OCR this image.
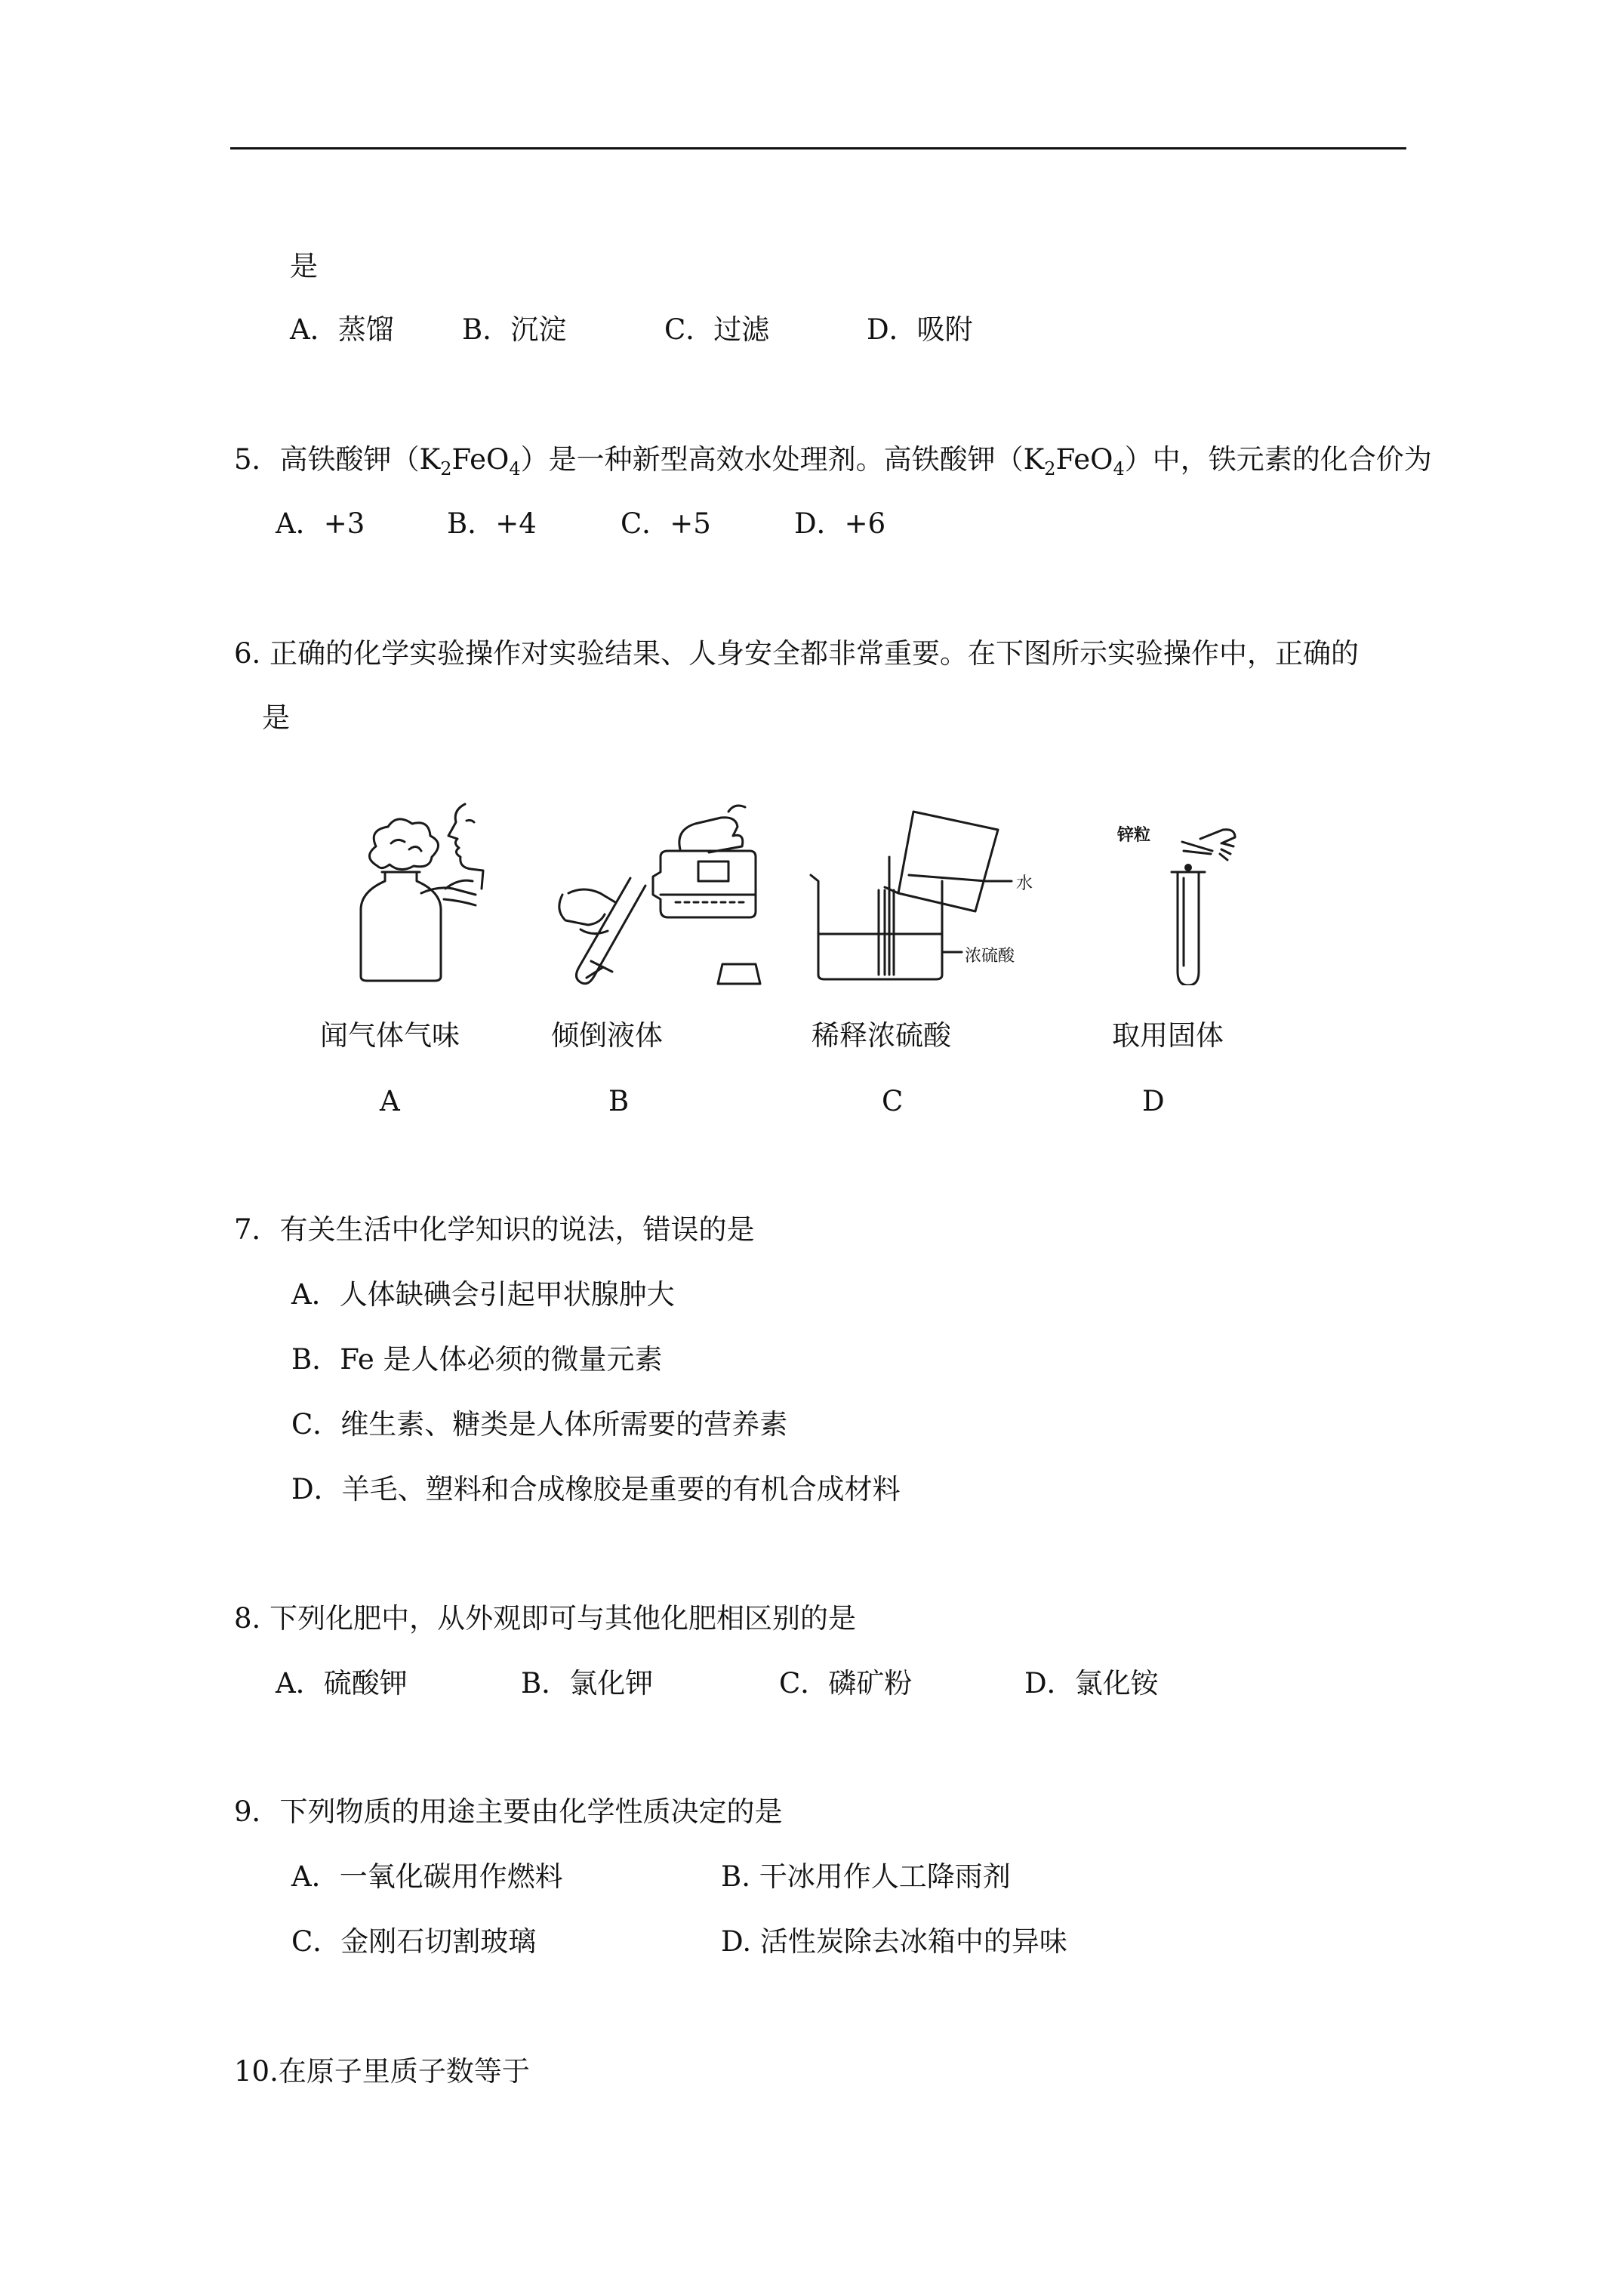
是
A．蒸馏 B．沉淀	C．过滤	D．吸附
5．高铁酸钾$(K_2FeO_4)$是一种新型高效水处理剂。高铁酸钾$(K_2FeO_4)$中，铁元素的化合价为
A．+3	B．+4	C．+5	D．+6
6. 正确的化学实验操作对实验结果、人身安全都非常重要。在下图所示实验操作中，正确的
是
水
浓硫酸
锌粒
闻气体气味	倾倒液体	稀释浓硫酸	取用固体
A	B	C	D
7．有关生活中化学知识的说法，错误的是
A．人体缺碘会引起甲状腺肿大
B．Fe 是人体必须的微量元素
C．维生素、糖类是人体所需要的营养素
D．羊毛、塑料和合成橡胶是重要的有机合成材料
8. 下列化肥中，从外观即可与其他化肥相区别的是
A．硫酸钾	B．氯化钾	C．磷矿粉	D．氯化铵
9．下列物质的用途主要由化学性质决定的是
A．一氧化碳用作燃料	B. 干冰用作人工降雨剂
C．金刚石切割玻璃	D. 活性炭除去冰箱中的异味
10.在原子里质子数等于
